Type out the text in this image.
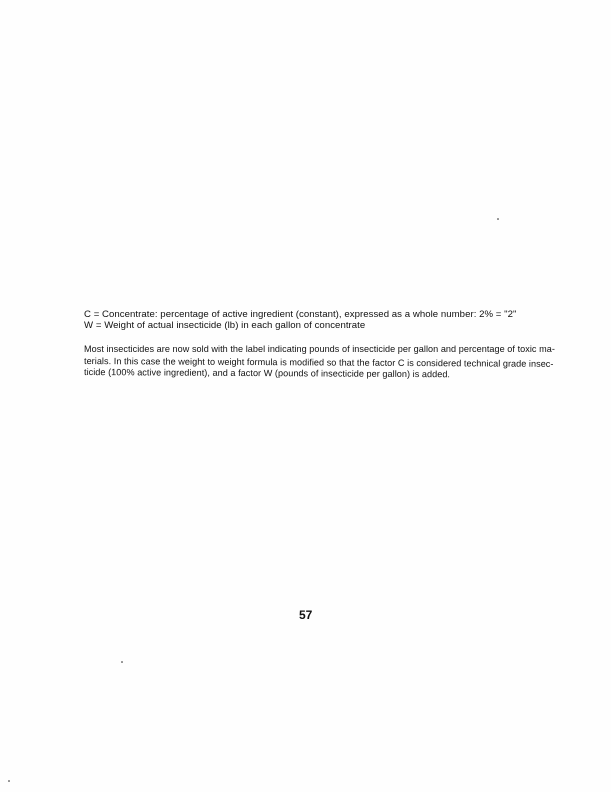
C = Concentrate: percentage of active ingredient (constant), expressed as a whole number: 2% = "2"
W = Weight of actual insecticide (lb) in each gallon of concentrate
Most insecticides are now sold with the label indicating pounds of insecticide per gallon and percentage of toxic ma-
terials. In this case the weight to weight formula is modified so that the factor C is considered technical grade insec-
ticide (100% active ingredient), and a factor W (pounds of insecticide per gallon) is added.
57
